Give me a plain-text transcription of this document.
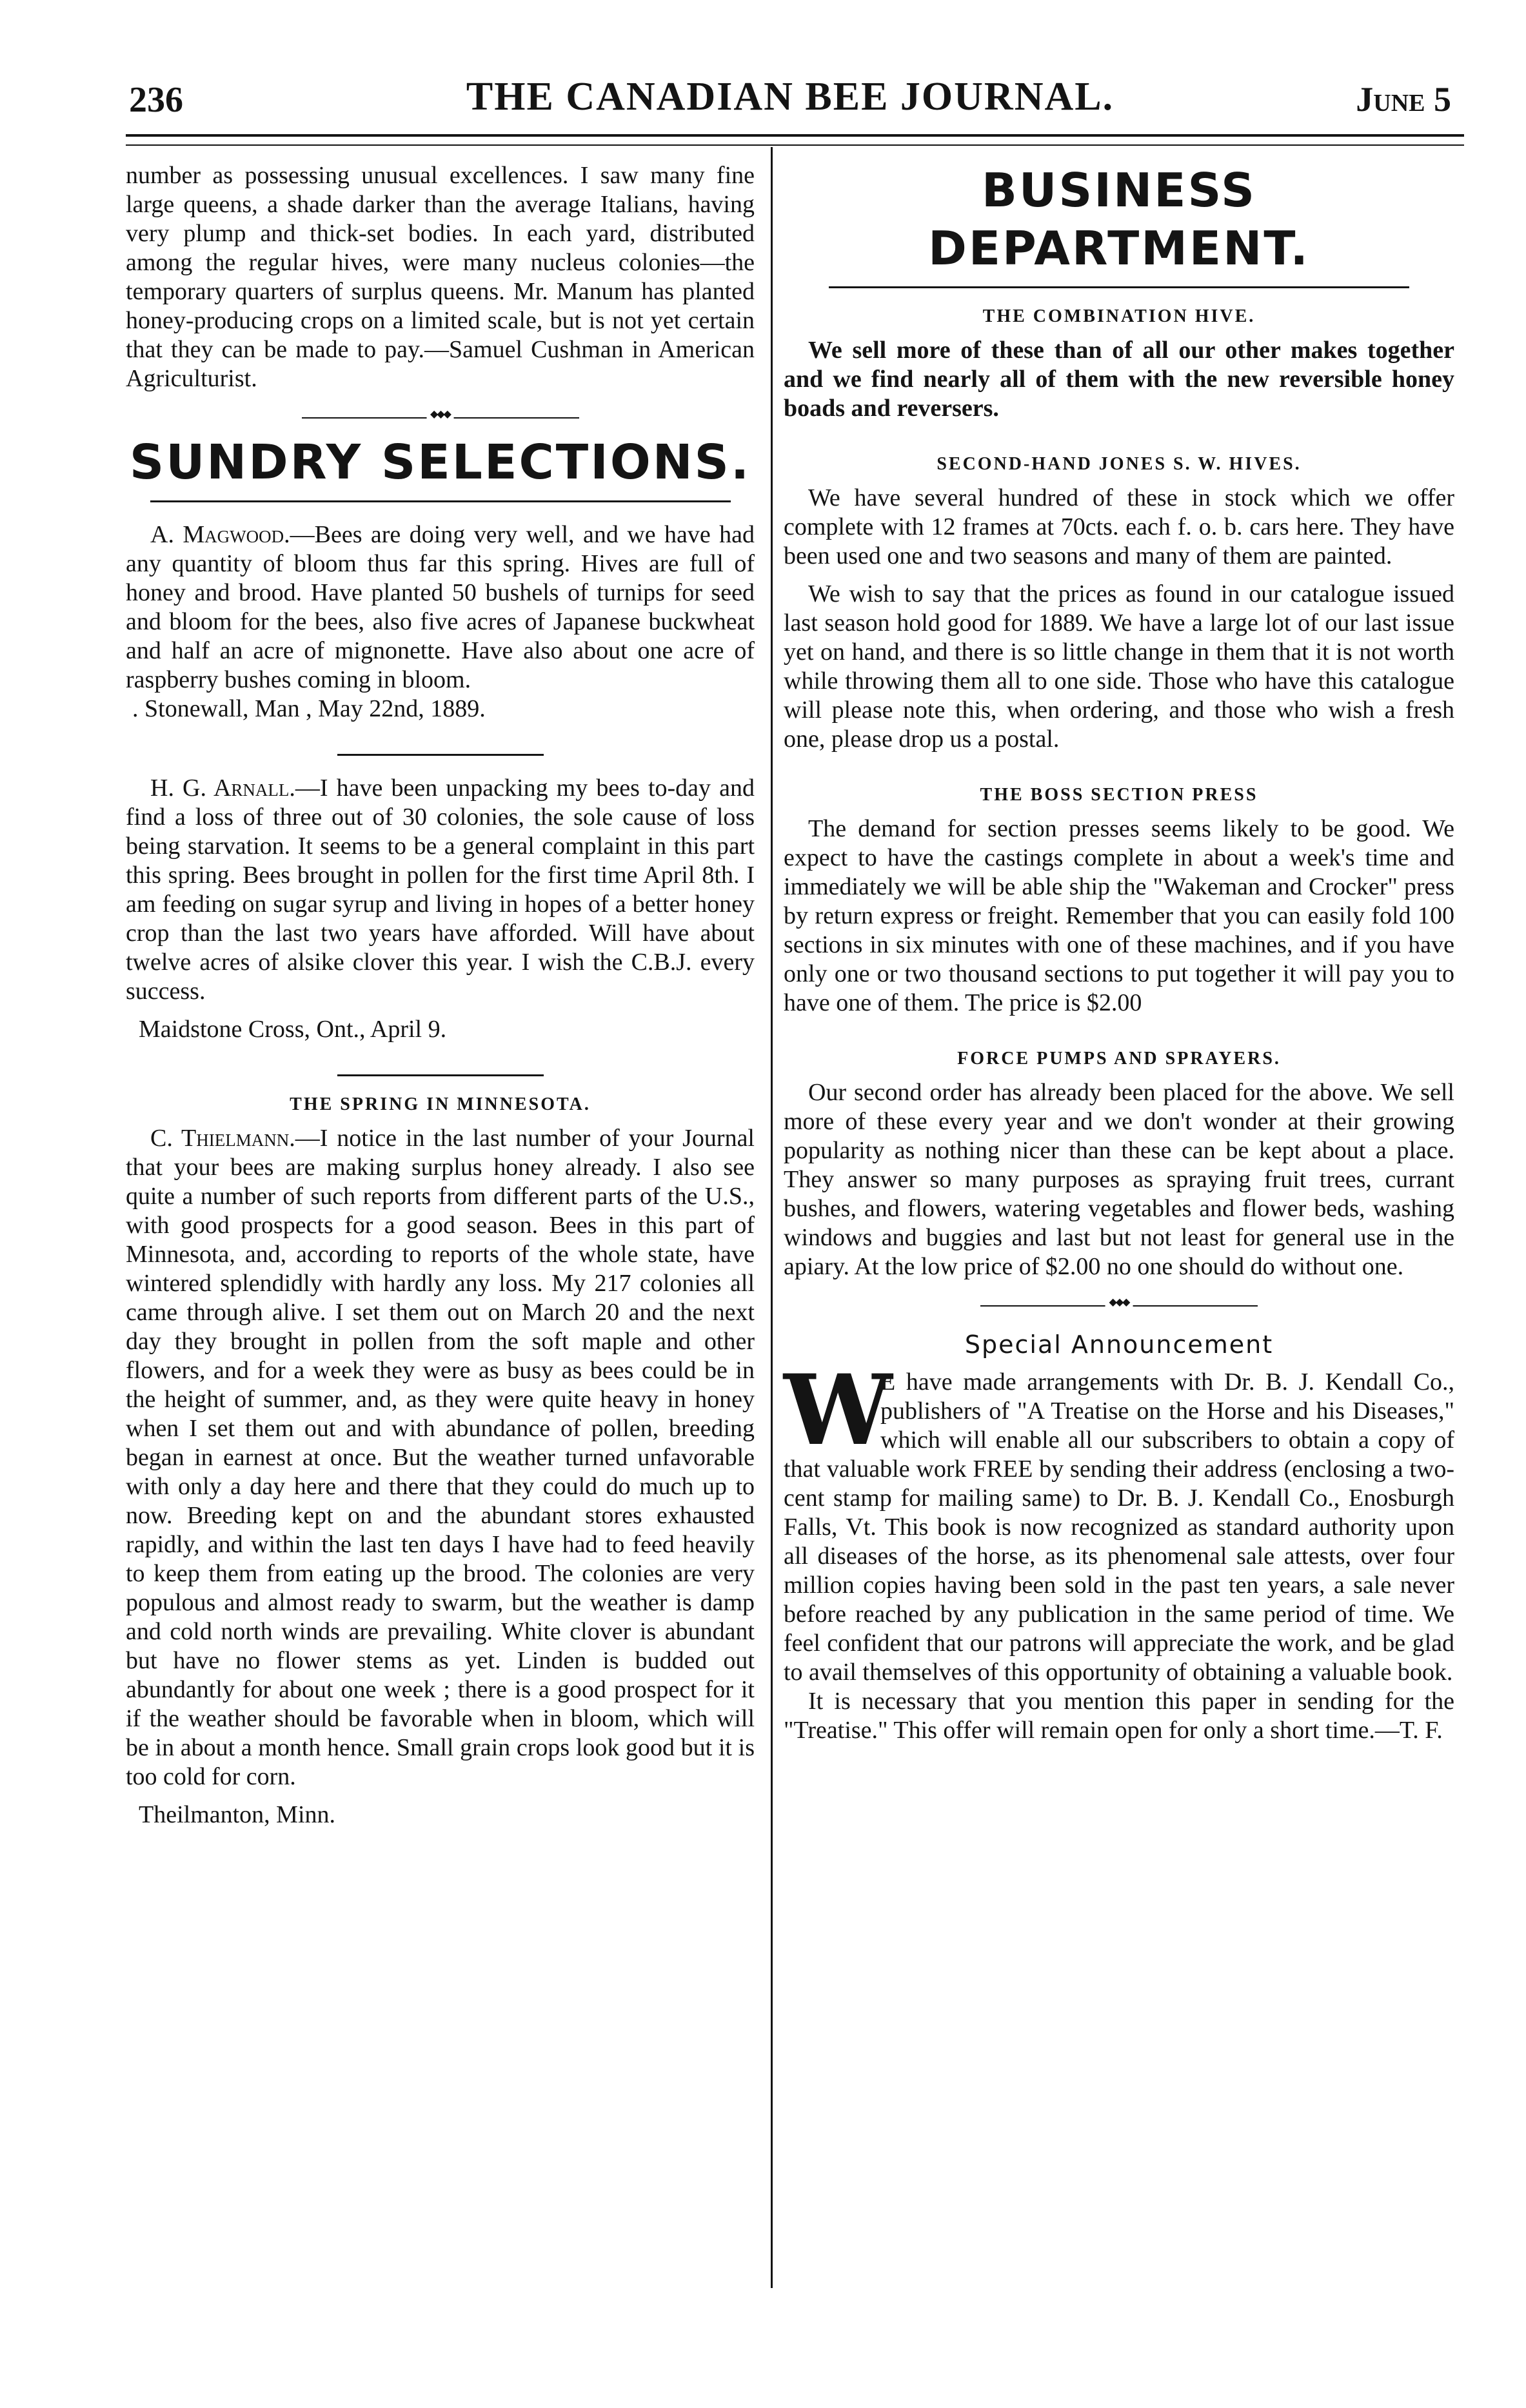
236	THE CANADIAN BEE JOURNAL.	June 5

number as possessing unusual excellences. I saw many fine large queens, a shade darker than the average Italians, having very plump and thick-set bodies. In each yard, distributed among the regular hives, were many nucleus colonies—the temporary quarters of surplus queens. Mr. Manum has planted honey-producing crops on a limited scale, but is not yet certain that they can be made to pay.—Samuel Cushman in American Agriculturist.

◆◆◆
SUNDRY SELECTIONS.

A. Magwood.—Bees are doing very well, and we have had any quantity of bloom thus far this spring. Hives are full of honey and brood. Have planted 50 bushels of turnips for seed and bloom for the bees, also five acres of Japanese buckwheat and half an acre of mignonette. Have also about one acre of raspberry bushes coming in bloom.

. Stonewall, Man , May 22nd, 1889.

H. G. Arnall.—I have been unpacking my bees to-day and find a loss of three out of 30 colonies, the sole cause of loss being starvation. It seems to be a general complaint in this part this spring. Bees brought in pollen for the first time April 8th. I am feeding on sugar syrup and living in hopes of a better honey crop than the last two years have afforded. Will have about twelve acres of alsike clover this year. I wish the C.B.J. every success.

Maidstone Cross, Ont., April 9.

THE SPRING IN MINNESOTA.

C. Thielmann.—I notice in the last number of your Journal that your bees are making surplus honey already. I also see quite a number of such reports from different parts of the U.S., with good prospects for a good season. Bees in this part of Minnesota, and, according to reports of the whole state, have wintered splendidly with hardly any loss. My 217 colonies all came through alive. I set them out on March 20 and the next day they brought in pollen from the soft maple and other flowers, and for a week they were as busy as bees could be in the height of summer, and, as they were quite heavy in honey when I set them out and with abundance of pollen, breeding began in earnest at once. But the weather turned unfavorable with only a day here and there that they could do much up to now. Breeding kept on and the abundant stores exhausted rapidly, and within the last ten days I have had to feed heavily to keep them from eating up the brood. The colonies are very populous and almost ready to swarm, but the weather is damp and cold north winds are prevailing. White clover is abundant but have no flower stems as yet. Linden is budded out abundantly for about one week ; there is a good prospect for it if the weather should be favorable when in bloom, which will be in about a month hence. Small grain crops look good but it is too cold for corn.

Theilmanton, Minn.

BUSINESS DEPARTMENT.

THE COMBINATION HIVE.

We sell more of these than of all our other makes together and we find nearly all of them with the new reversible honey boads and reversers.

SECOND-HAND JONES S. W. HIVES.

We have several hundred of these in stock which we offer complete with 12 frames at 70cts. each f. o. b. cars here. They have been used one and two seasons and many of them are painted.

We wish to say that the prices as found in our catalogue issued last season hold good for 1889. We have a large lot of our last issue yet on hand, and there is so little change in them that it is not worth while throwing them all to one side. Those who have this catalogue will please note this, when ordering, and those who wish a fresh one, please drop us a postal.

THE BOSS SECTION PRESS

The demand for section presses seems likely to be good. We expect to have the castings complete in about a week's time and immediately we will be able ship the "Wakeman and Crocker" press by return express or freight. Remember that you can easily fold 100 sections in six minutes with one of these machines, and if you have only one or two thousand sections to put together it will pay you to have one of them. The price is $2.00

FORCE PUMPS AND SPRAYERS.

Our second order has already been placed for the above. We sell more of these every year and we don't wonder at their growing popularity as nothing nicer than these can be kept about a place. They answer so many purposes as spraying fruit trees, currant bushes, and flowers, watering vegetables and flower beds, washing windows and buggies and last but not least for general use in the apiary. At the low price of $2.00 no one should do without one.

◆◆◆

Special Announcement

W
E have made arrangements with Dr. B. J. Kendall Co., publishers of "A Treatise on the Horse and his Diseases," which will enable all our subscribers to obtain a copy of that valuable work FREE by sending their address (enclosing a two-cent stamp for mailing same) to Dr. B. J. Kendall Co., Enosburgh Falls, Vt. This book is now recognized as standard authority upon all diseases of the horse, as its phenomenal sale attests, over four million copies having been sold in the past ten years, a sale never before reached by any publication in the same period of time. We feel confident that our patrons will appreciate the work, and be glad to avail themselves of this opportunity of obtaining a valuable book.

It is necessary that you mention this paper in sending for the "Treatise." This offer will remain open for only a short time.—T. F.
